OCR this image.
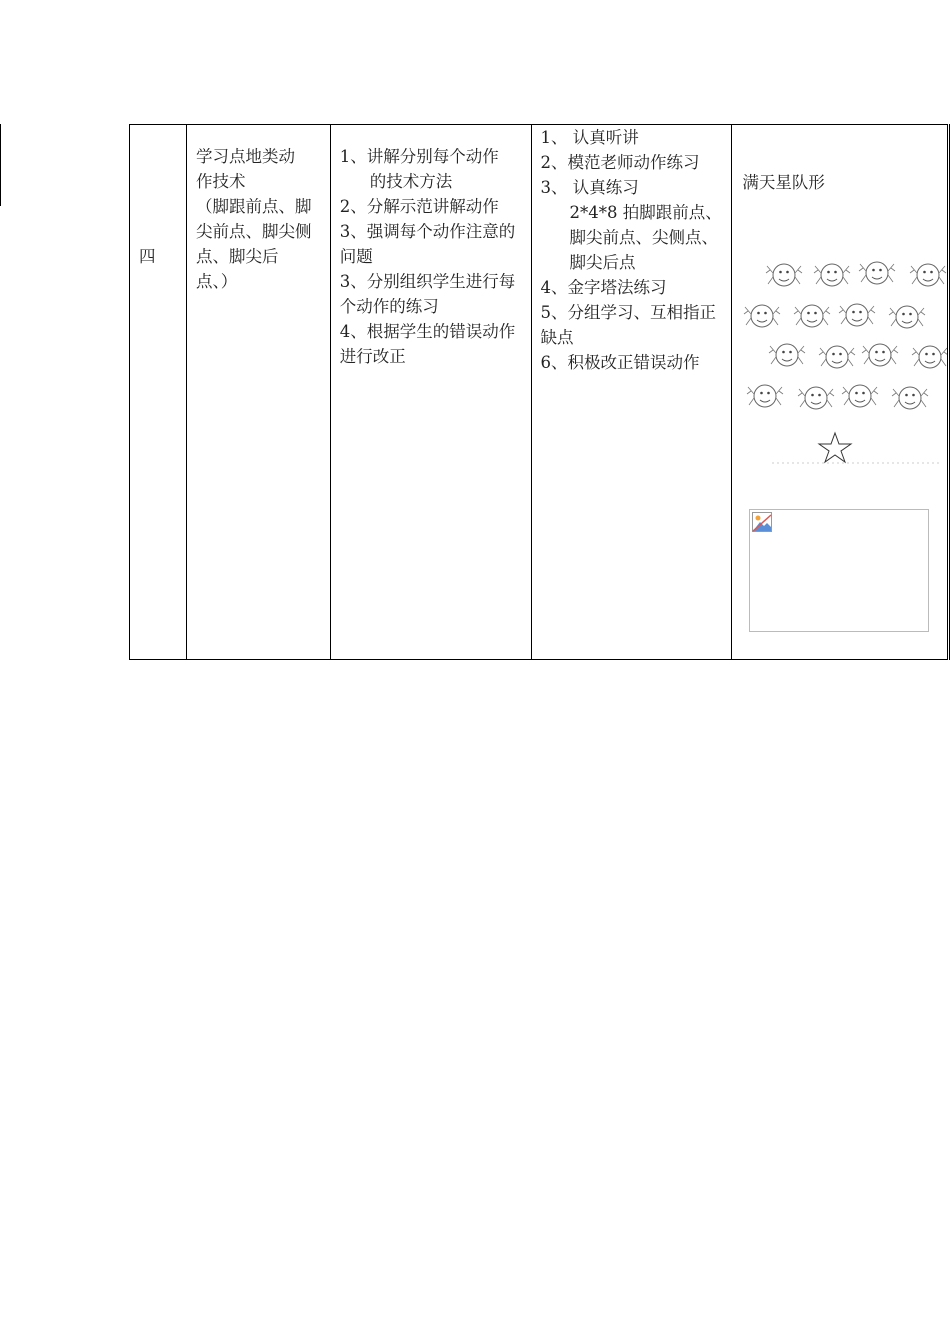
四

学习点地类动
作技术
（脚跟前点、脚
尖前点、脚尖侧
点、脚尖后
点、）

1、讲解分别每个动作
的技术方法
2、分解示范讲解动作
3、强调每个动作注意的问题
3、分别组织学生进行每个动作的练习
4、根据学生的错误动作进行改正

1、 认真听讲
2、模范老师动作练习
3、 认真练习
2*4*8 拍脚跟前点、脚尖前点、尖侧点、脚尖后点
4、金字塔法练习
5、分组学习、互相指正缺点
6、积极改正错误动作

满天星队形
